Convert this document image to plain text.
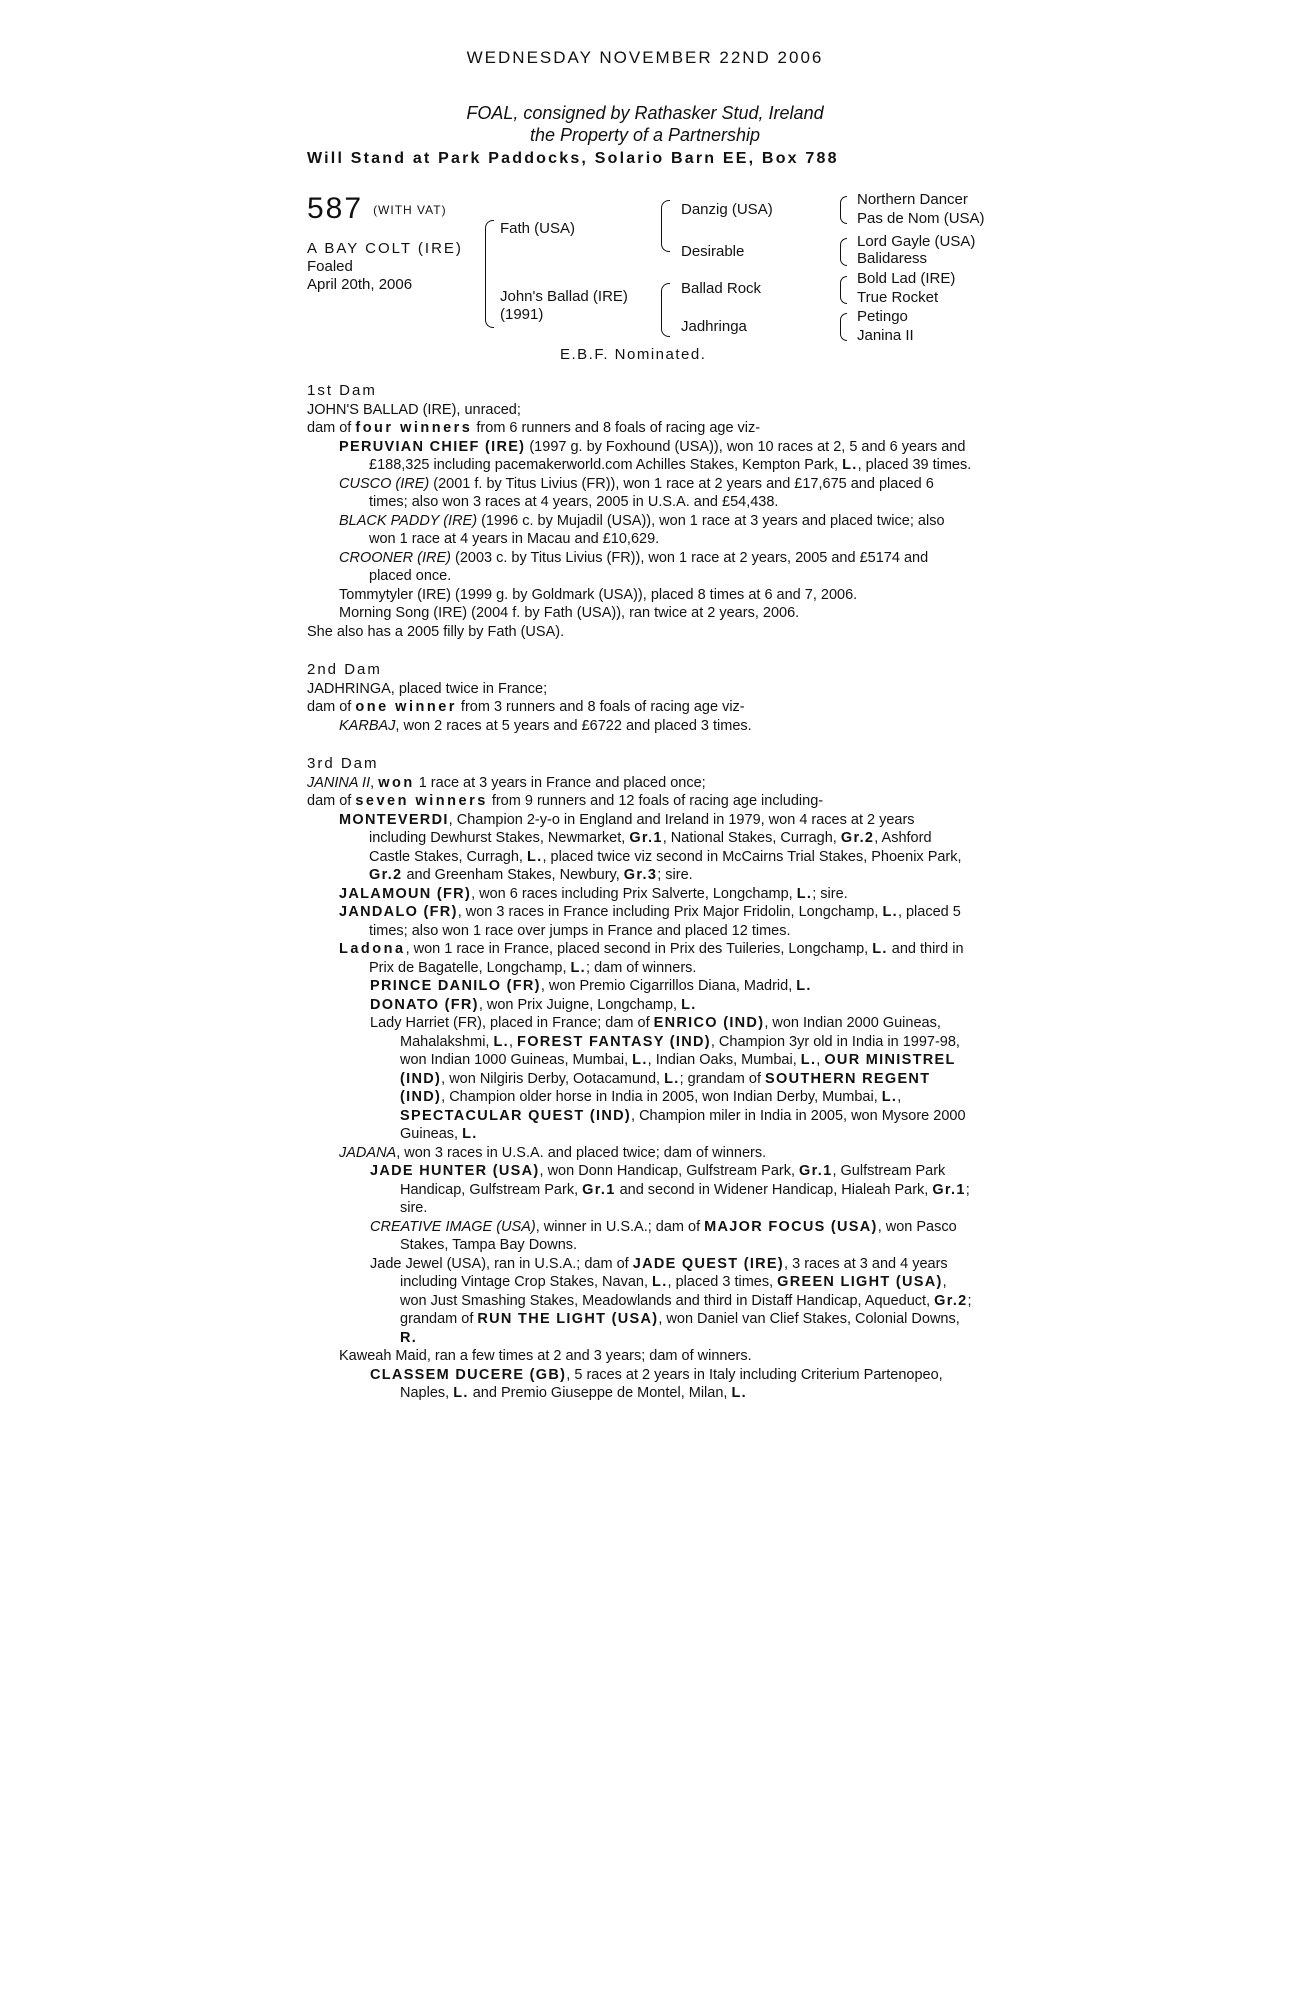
WEDNESDAY NOVEMBER 22ND 2006
FOAL, consigned by Rathasker Stud, Ireland
the Property of a Partnership
Will Stand at Park Paddocks, Solario Barn EE, Box 788
587 (WITH VAT)
A BAY COLT (IRE)
Foaled
April 20th, 2006
Fath (USA)
John's Ballad (IRE)
(1991)
Danzig (USA)
Desirable
Ballad Rock
Jadhringa
Northern Dancer
Pas de Nom (USA)
Lord Gayle (USA)
Balidaress
Bold Lad (IRE)
True Rocket
Petingo
Janina II
E.B.F. Nominated.

1st Dam

JOHN'S BALLAD (IRE), unraced;

dam of four winners from 6 runners and 8 foals of racing age viz-

PERUVIAN CHIEF (IRE) (1997 g. by Foxhound (USA)), won 10 races at 2, 5 and 6 years and £188,325 including pacemakerworld.com Achilles Stakes, Kempton Park, L., placed 39 times.

CUSCO (IRE) (2001 f. by Titus Livius (FR)), won 1 race at 2 years and £17,675 and placed 6 times; also won 3 races at 4 years, 2005 in U.S.A. and £54,438.

BLACK PADDY (IRE) (1996 c. by Mujadil (USA)), won 1 race at 3 years and placed twice; also won 1 race at 4 years in Macau and £10,629.

CROONER (IRE) (2003 c. by Titus Livius (FR)), won 1 race at 2 years, 2005 and £5174 and placed once.

Tommytyler (IRE) (1999 g. by Goldmark (USA)), placed 8 times at 6 and 7, 2006.

Morning Song (IRE) (2004 f. by Fath (USA)), ran twice at 2 years, 2006.

She also has a 2005 filly by Fath (USA).

2nd Dam

JADHRINGA, placed twice in France;

dam of one winner from 3 runners and 8 foals of racing age viz-

KARBAJ, won 2 races at 5 years and £6722 and placed 3 times.

3rd Dam

JANINA II, won 1 race at 3 years in France and placed once;

dam of seven winners from 9 runners and 12 foals of racing age including-

MONTEVERDI, Champion 2-y-o in England and Ireland in 1979, won 4 races at 2 years including Dewhurst Stakes, Newmarket, Gr.1, National Stakes, Curragh, Gr.2, Ashford Castle Stakes, Curragh, L., placed twice viz second in McCairns Trial Stakes, Phoenix Park, Gr.2 and Greenham Stakes, Newbury, Gr.3; sire.

JALAMOUN (FR), won 6 races including Prix Salverte, Longchamp, L.; sire.

JANDALO (FR), won 3 races in France including Prix Major Fridolin, Longchamp, L., placed 5 times; also won 1 race over jumps in France and placed 12 times.

Ladona, won 1 race in France, placed second in Prix des Tuileries, Longchamp, L. and third in Prix de Bagatelle, Longchamp, L.; dam of winners.

PRINCE DANILO (FR), won Premio Cigarrillos Diana, Madrid, L.

DONATO (FR), won Prix Juigne, Longchamp, L.

Lady Harriet (FR), placed in France; dam of ENRICO (IND), won Indian 2000 Guineas, Mahalakshmi, L., FOREST FANTASY (IND), Champion 3yr old in India in 1997-98, won Indian 1000 Guineas, Mumbai, L., Indian Oaks, Mumbai, L., OUR MINISTREL (IND), won Nilgiris Derby, Ootacamund, L.; grandam of SOUTHERN REGENT (IND), Champion older horse in India in 2005, won Indian Derby, Mumbai, L., SPECTACULAR QUEST (IND), Champion miler in India in 2005, won Mysore 2000 Guineas, L.

JADANA, won 3 races in U.S.A. and placed twice; dam of winners.

JADE HUNTER (USA), won Donn Handicap, Gulfstream Park, Gr.1, Gulfstream Park Handicap, Gulfstream Park, Gr.1 and second in Widener Handicap, Hialeah Park, Gr.1; sire.

CREATIVE IMAGE (USA), winner in U.S.A.; dam of MAJOR FOCUS (USA), won Pasco Stakes, Tampa Bay Downs.

Jade Jewel (USA), ran in U.S.A.; dam of JADE QUEST (IRE), 3 races at 3 and 4 years including Vintage Crop Stakes, Navan, L., placed 3 times, GREEN LIGHT (USA), won Just Smashing Stakes, Meadowlands and third in Distaff Handicap, Aqueduct, Gr.2; grandam of RUN THE LIGHT (USA), won Daniel van Clief Stakes, Colonial Downs, R.

Kaweah Maid, ran a few times at 2 and 3 years; dam of winners.

CLASSEM DUCERE (GB), 5 races at 2 years in Italy including Criterium Partenopeo, Naples, L. and Premio Giuseppe de Montel, Milan, L.
